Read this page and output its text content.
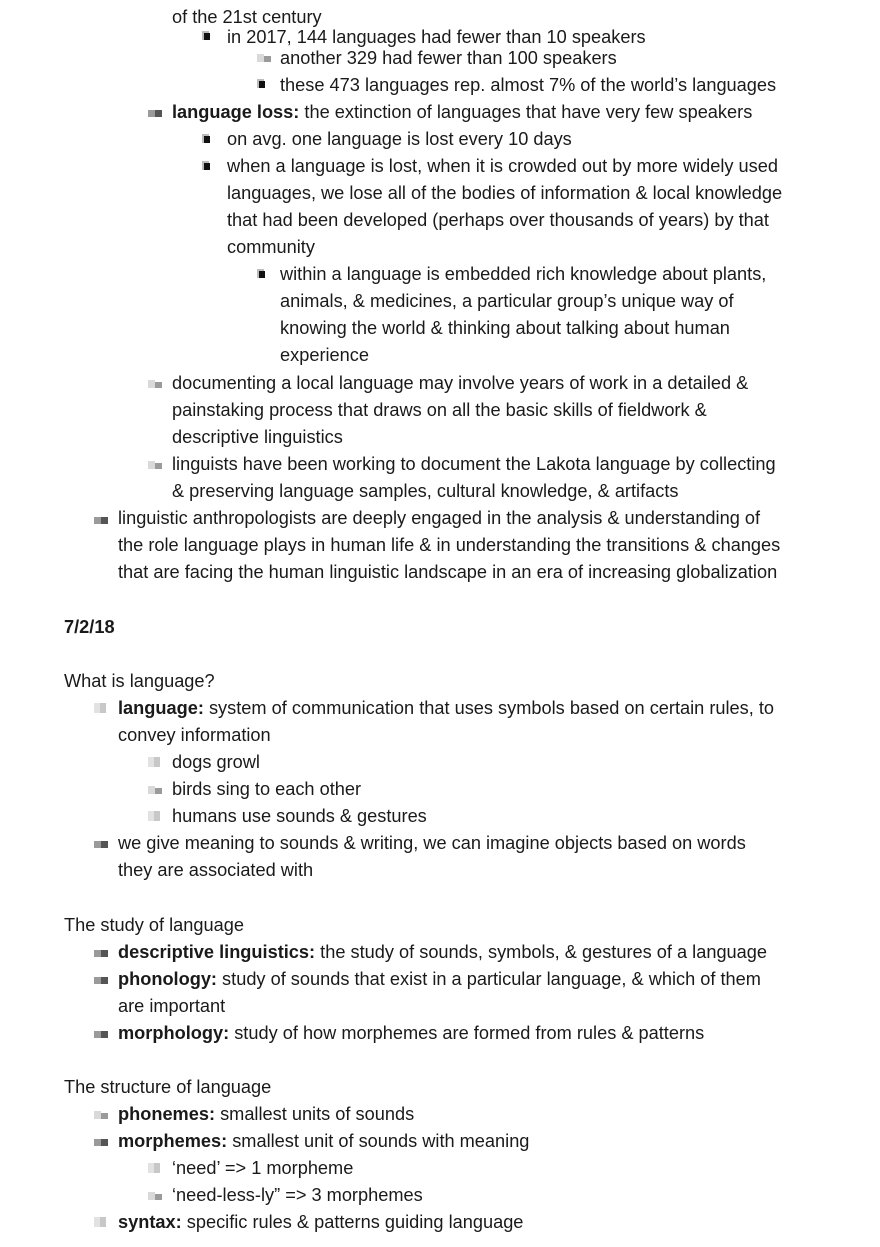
of the 21st century
in 2017, 144 languages had fewer than 10 speakers
another 329 had fewer than 100 speakers
these 473 languages rep. almost 7% of the world’s languages
language loss: the extinction of languages that have very few speakers
on avg. one language is lost every 10 days
when a language is lost, when it is crowded out by more widely used
languages, we lose all of the bodies of information & local knowledge
that had been developed (perhaps over thousands of years) by that
community
within a language is embedded rich knowledge about plants,
animals, & medicines, a particular group’s unique way of
knowing the world & thinking about talking about human
experience
documenting a local language may involve years of work in a detailed &
painstaking process that draws on all the basic skills of fieldwork &
descriptive linguistics
linguists have been working to document the Lakota language by collecting
& preserving language samples, cultural knowledge, & artifacts
linguistic anthropologists are deeply engaged in the analysis & understanding of
the role language plays in human life & in understanding the transitions & changes
that are facing the human linguistic landscape in an era of increasing globalization
7/2/18
What is language?
language: system of communication that uses symbols based on certain rules, to
convey information
dogs growl
birds sing to each other
humans use sounds & gestures
we give meaning to sounds & writing, we can imagine objects based on words
they are associated with
The study of language
descriptive linguistics: the study of sounds, symbols, & gestures of a language
phonology: study of sounds that exist in a particular language, & which of them
are important
morphology: study of how morphemes are formed from rules & patterns
The structure of language
phonemes: smallest units of sounds
morphemes: smallest unit of sounds with meaning
‘need’ => 1 morpheme
‘need-less-ly” => 3 morphemes
syntax: specific rules & patterns guiding language
